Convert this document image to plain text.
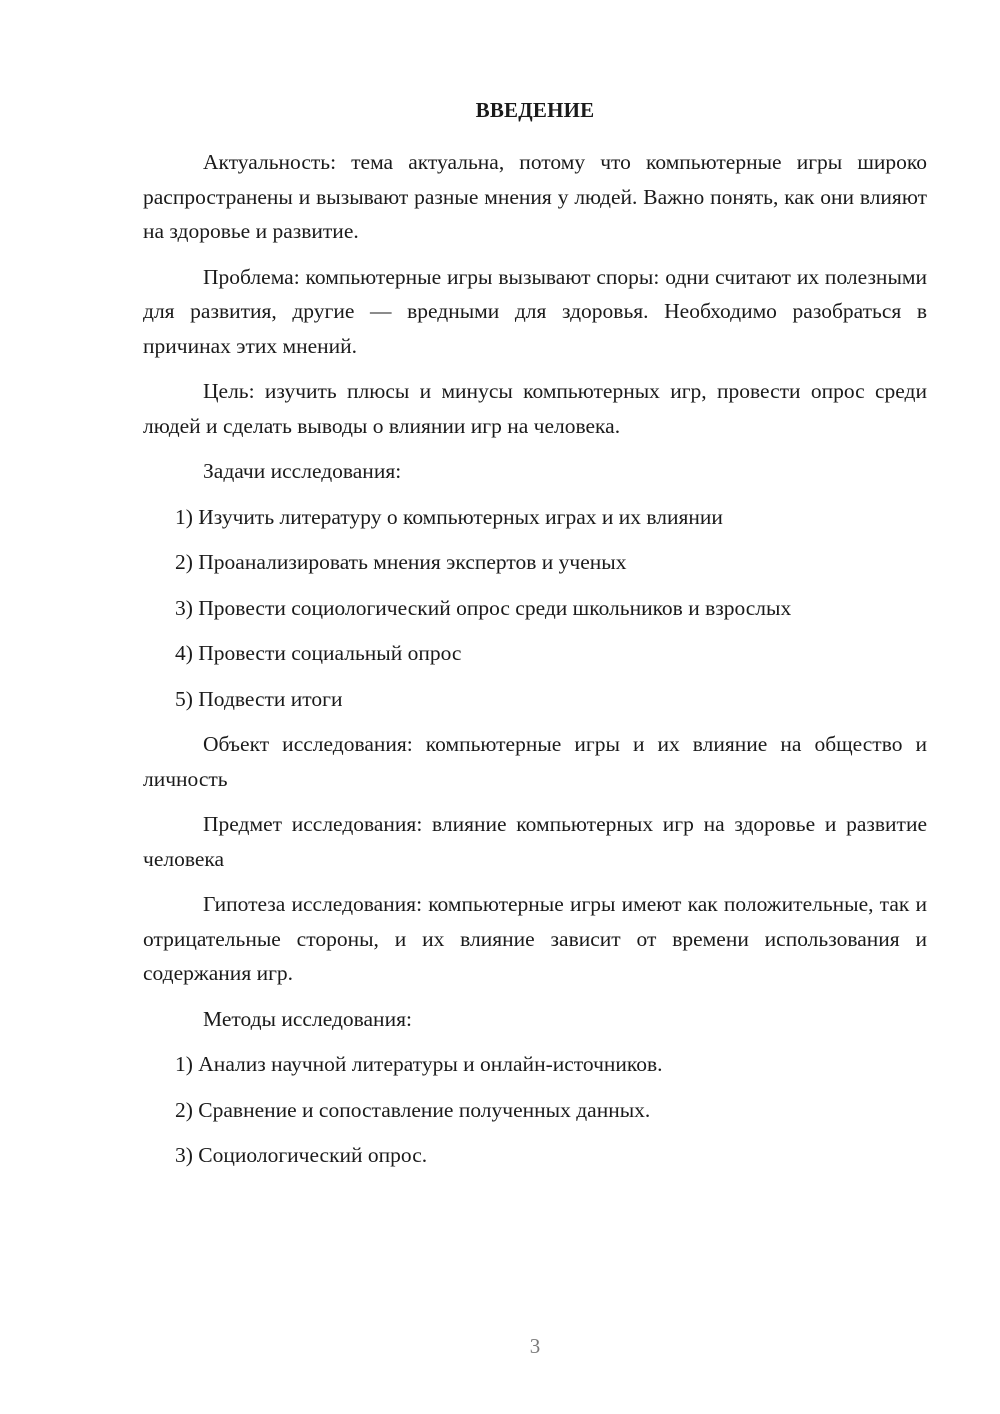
ВВЕДЕНИЕ

Актуальность: тема актуальна, потому что компьютерные игры широко распространены и вызывают разные мнения у людей. Важно понять, как они влияют на здоровье и развитие.

Проблема: компьютерные игры вызывают споры: одни считают их полезными для развития, другие — вредными для здоровья. Необходимо разобраться в причинах этих мнений.

Цель: изучить плюсы и минусы компьютерных игр, провести опрос среди людей и сделать выводы о влиянии игр на человека.

Задачи исследования:

1) Изучить литературу о компьютерных играх и их влиянии
2) Проанализировать мнения экспертов и ученых
3) Провести социологический опрос среди школьников и взрослых
4) Провести социальный опрос
5) Подвести итоги

Объект исследования: компьютерные игры и их влияние на общество и личность

Предмет исследования: влияние компьютерных игр на здоровье и развитие человека

Гипотеза исследования: компьютерные игры имеют как положительные, так и отрицательные стороны, и их влияние зависит от времени использования и содержания игр.

Методы исследования:

1) Анализ научной литературы и онлайн-источников.
2) Сравнение и сопоставление полученных данных.
3) Социологический опрос.
3
